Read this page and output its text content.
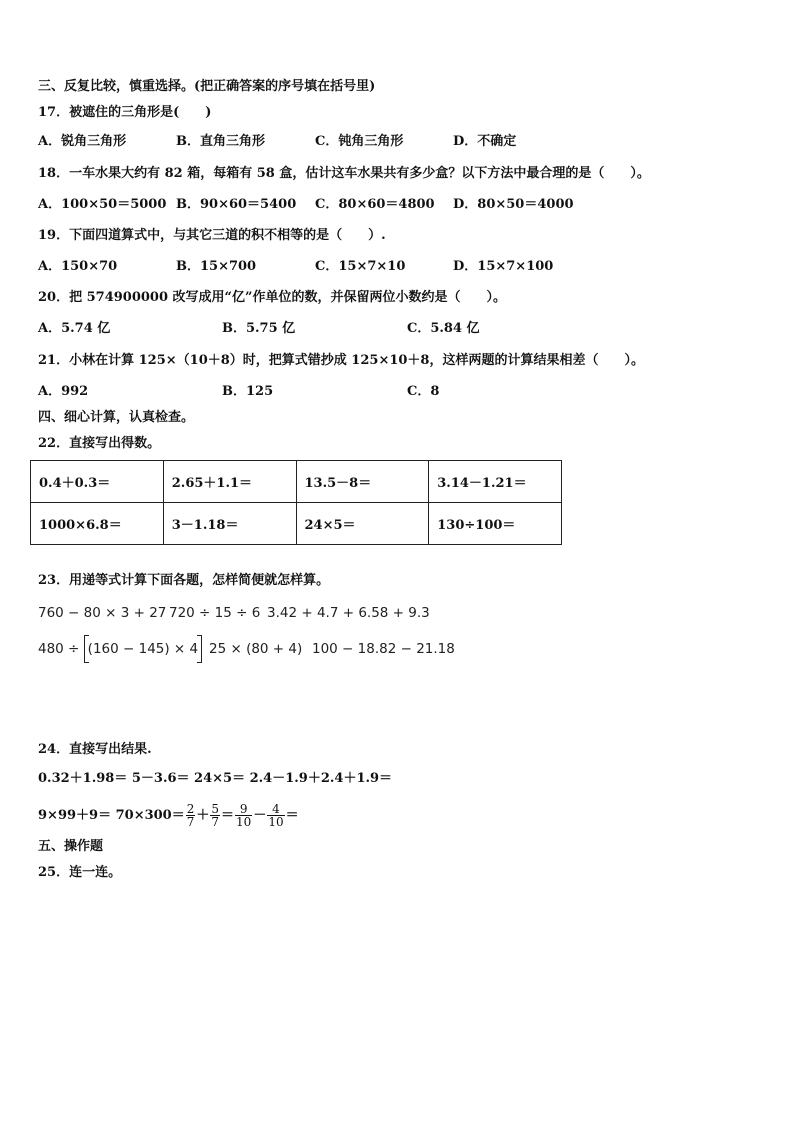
三、反复比较，慎重选择。(把正确答案的序号填在括号里)
17．被遮住的三角形是(　　)
A．锐角三角形	B．直角三角形	C．钝角三角形	D．不确定
18．一车水果大约有 82 箱，每箱有 58 盒，估计这车水果共有多少盒？以下方法中最合理的是（　　）。
A．100×50＝5000 B．90×60＝5400 C．80×60＝4800 D．80×50＝4000
19．下面四道算式中，与其它三道的积不相等的是（　　）.
A．150×70	B．15×700	C．15×7×10	D．15×7×100
20．把 574900000 改写成用“亿”作单位的数，并保留两位小数约是（　　）。
A．5.74 亿	B．5.75 亿	C．5.84 亿
21．小林在计算 125×（10＋8）时，把算式错抄成 125×10＋8，这样两题的计算结果相差（　　）。
A．992	B．125	C．8
四、细心计算，认真检查。
22．直接写出得数。
0.4＋0.3＝	2.65＋1.1＝	13.5－8＝	3.14－1.21＝
1000×6.8＝	3－1.18＝	24×5＝	130÷100＝
23．用递等式计算下面各题，怎样简便就怎样算。
760 − 80 × 3 + 27 720 ÷ 15 ÷ 6 3.42 + 4.7 + 6.58 + 9.3
480 ÷ (160 − 145) × 4 25 × (80 + 4) 100 − 18.82 − 21.18
24．直接写出结果.
0.32＋1.98＝ 5－3.6＝ 24×5＝ 2.4－1.9＋2.4＋1.9＝
$9\times 99+9= 70\times 300= \frac{2}{7} + \frac{5}{7} = \frac{9}{10} - \frac{4}{10}$ ＝
五、操作题
25．连一连。
